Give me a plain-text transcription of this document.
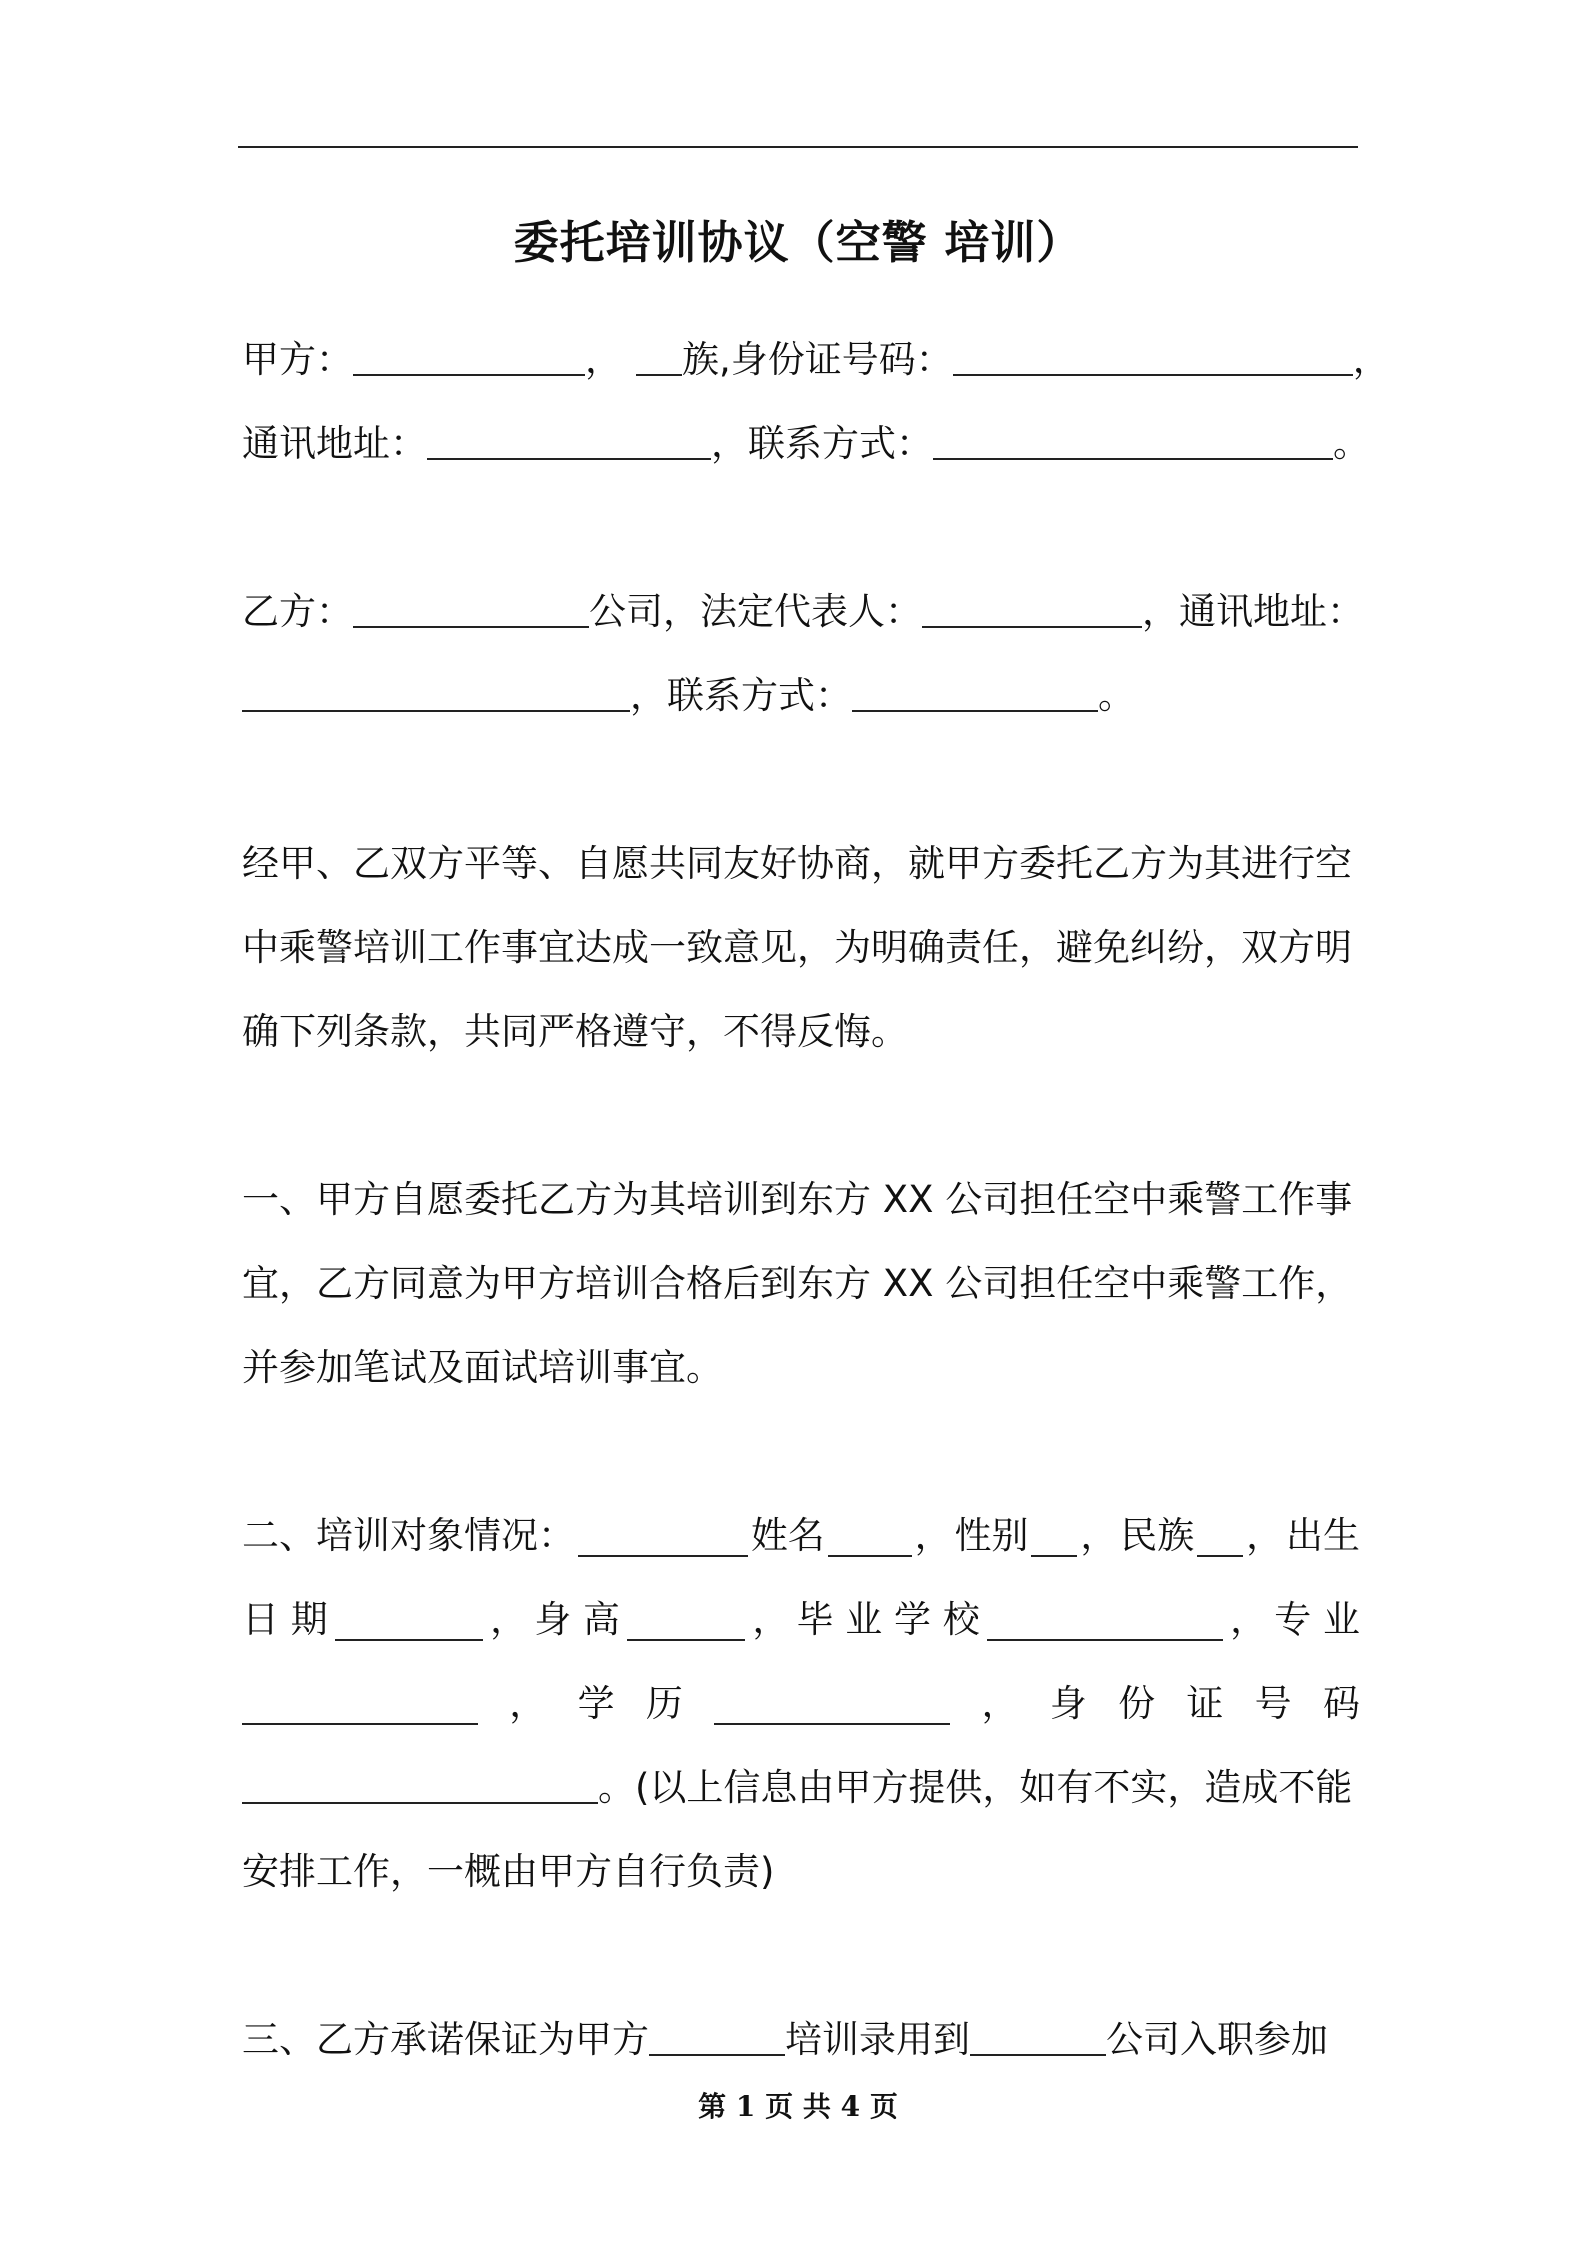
委托培训协议（空警 培训）
甲方：	， 族,身份证号码：	，
通讯地址：	，联系方式：	。
乙方：	公司，法定代表人：	，通讯地址：
，联系方式：	。
经甲、乙双方平等、自愿共同友好协商，就甲方委托乙方为其进行空
中乘警培训工作事宜达成一致意见，为明确责任，避免纠纷，双方明
确下列条款，共同严格遵守，不得反悔。
一、甲方自愿委托乙方为其培训到东方 XX 公司担任空中乘警工作事
宜，乙方同意为甲方培训合格后到东方 XX 公司担任空中乘警工作，
并参加笔试及面试培训事宜。
二、培训对象情况：	姓名 ， 性别 ， 民族 ， 出生
日 期	， 身 高	， 毕 业 学 校	， 专 业
， 学 历	， 身 份 证 号 码
。(以上信息由甲方提供，如有不实，造成不能
安排工作，一概由甲方自行负责)
三、乙方承诺保证为甲方	培训录用到	公司入职参加
第 1 页 共 4 页
